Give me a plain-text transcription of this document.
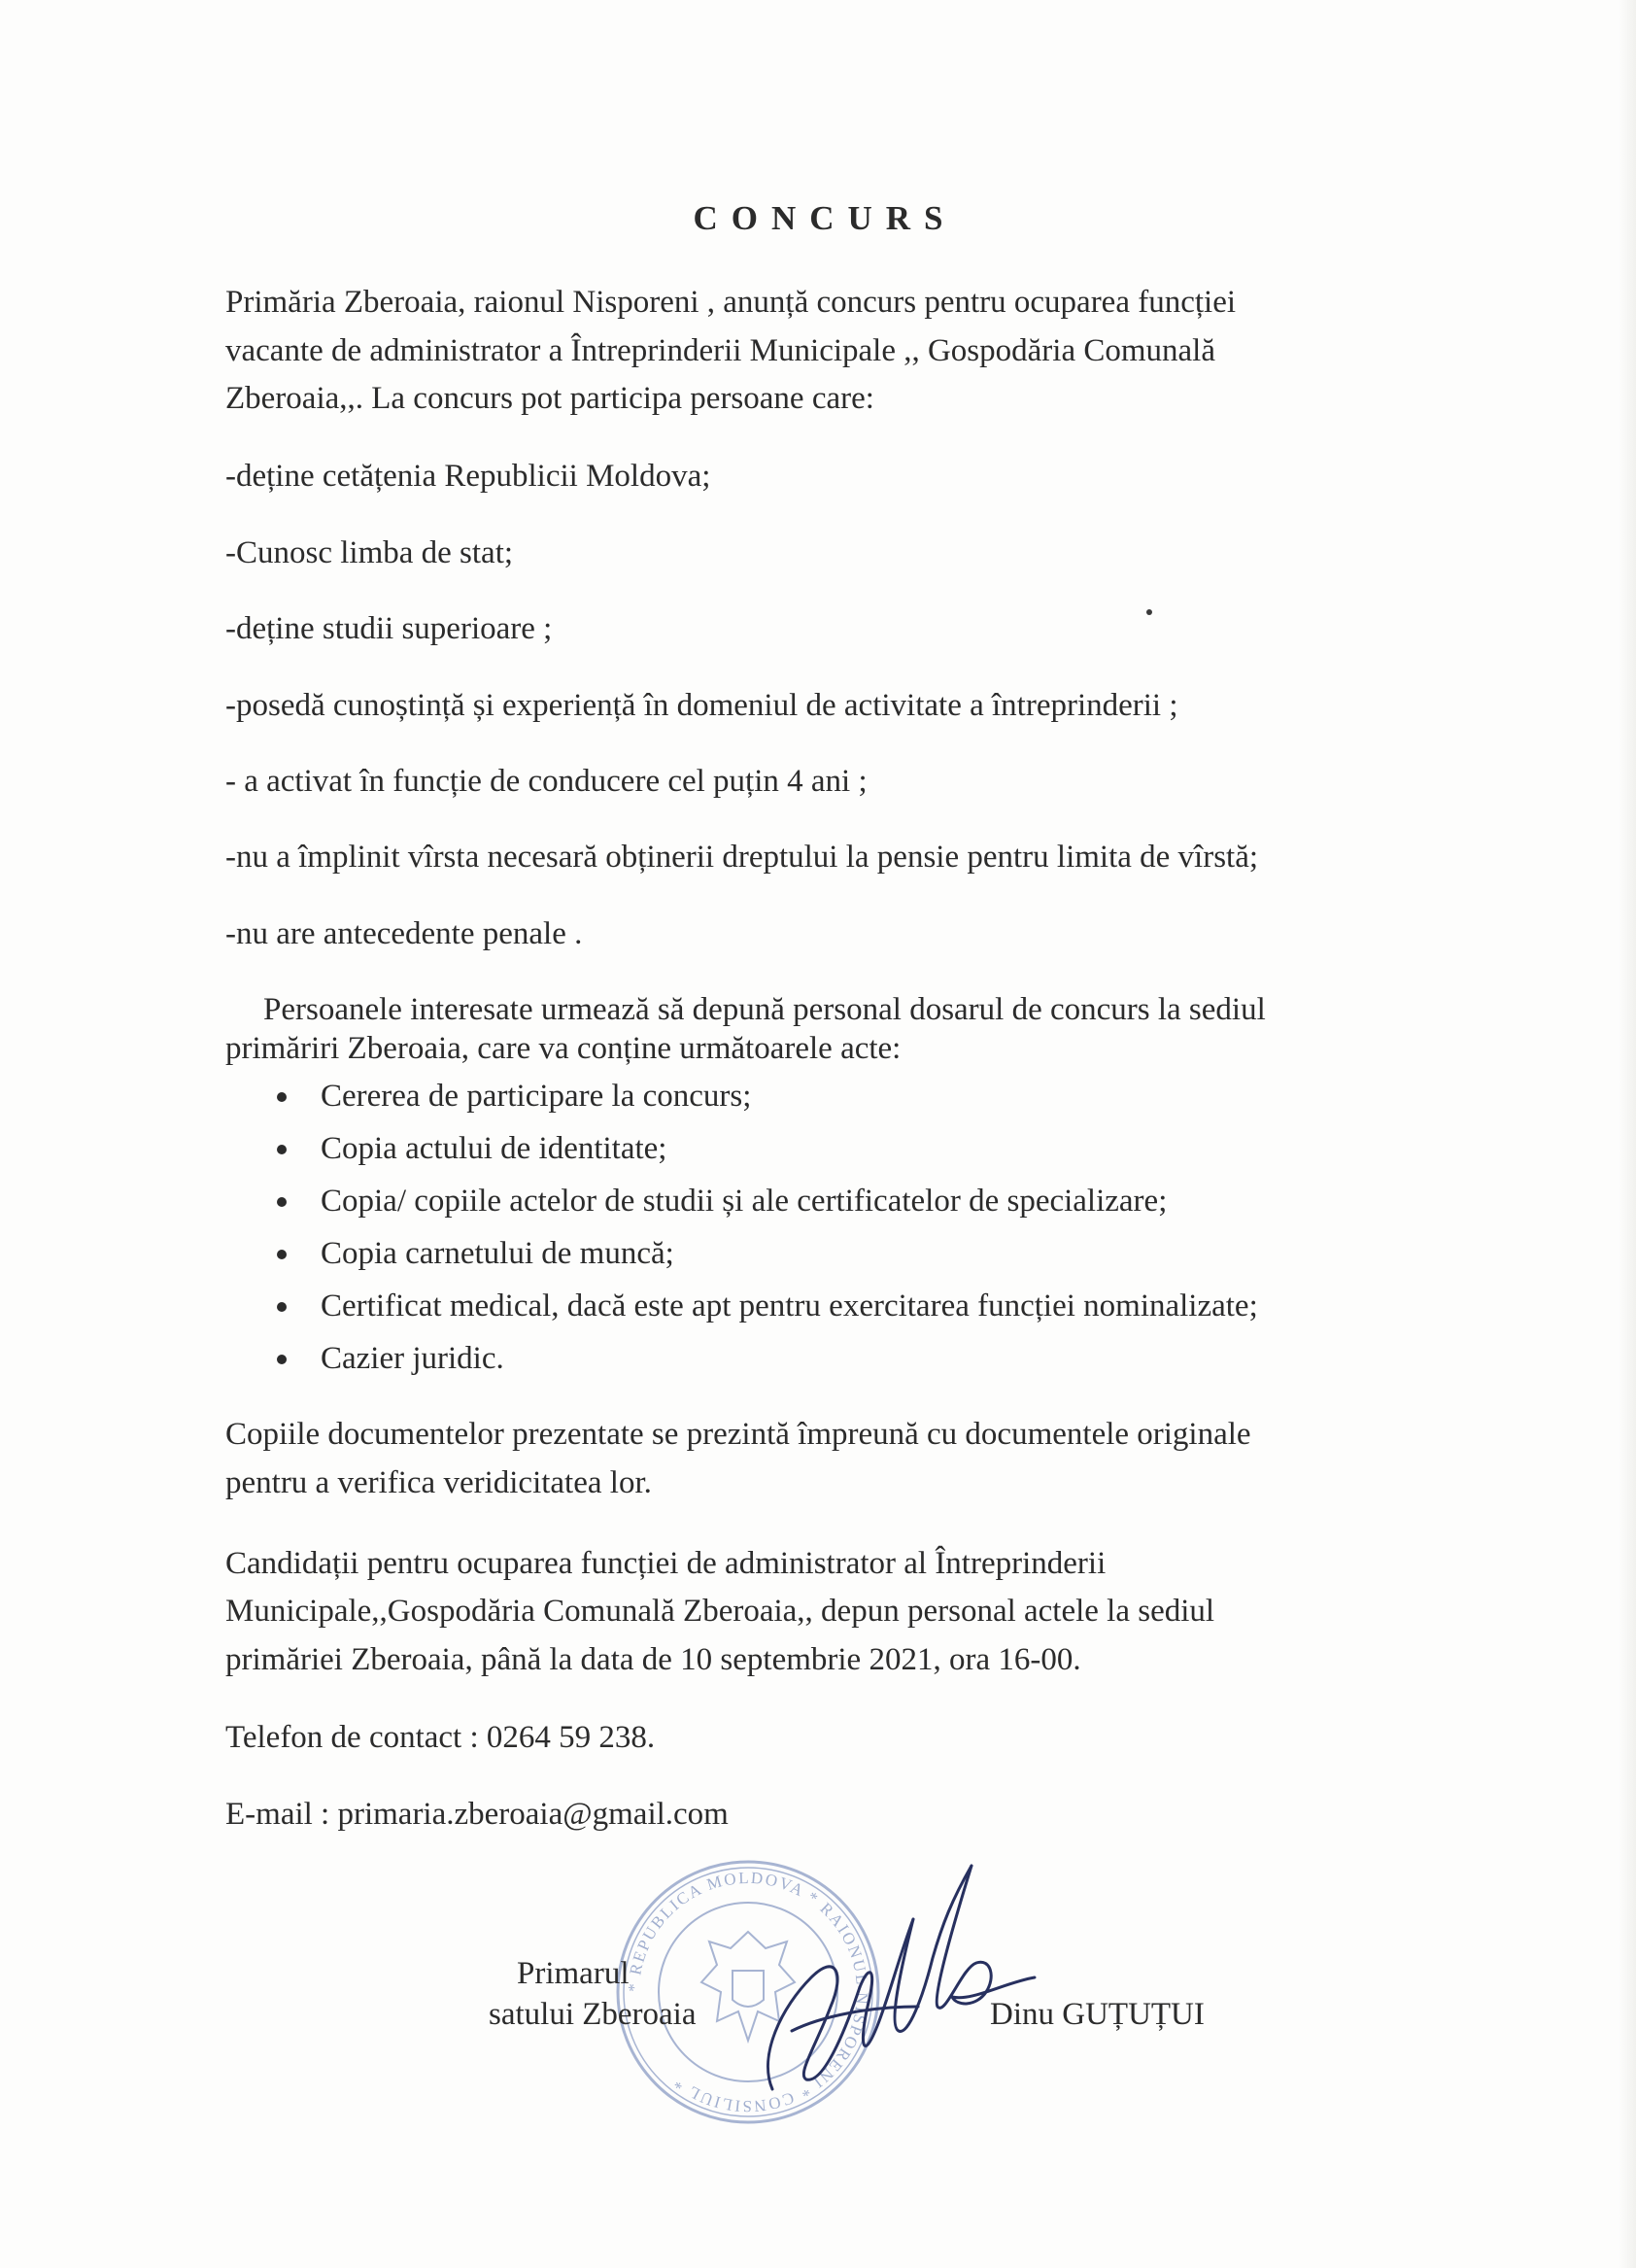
CONCURS
Primăria Zberoaia, raionul Nisporeni , anunță concurs pentru ocuparea funcției
vacante de administrator a Întreprinderii Municipale ,, Gospodăria Comunală
Zberoaia,,. La concurs pot participa persoane care:
-deține cetățenia Republicii Moldova;
-Cunosc limba de stat;
-deține studii superioare ;
-posedă cunoștință și experiență în domeniul de activitate a întreprinderii ;
- a activat în funcție de conducere cel puțin 4 ani ;
-nu a împlinit vîrsta necesară obținerii dreptului la pensie pentru limita de vîrstă;
-nu are antecedente penale .
Persoanele interesate urmează să depună personal dosarul de concurs la sediul
primăriri Zberoaia, care va conține următoarele acte:
Cererea de participare la concurs;
Copia actului de identitate;
Copia/ copiile actelor de studii și ale certificatelor de specializare;
Copia carnetului de muncă;
Certificat medical, dacă este apt pentru exercitarea funcției nominalizate;
Cazier juridic.
Copiile documentelor prezentate se prezintă împreună cu documentele originale
pentru a verifica veridicitatea lor.
Candidații pentru ocuparea funcției de administrator al Întreprinderii
Municipale,,Gospodăria Comunală Zberoaia,, depun personal actele la sediul
primăriei Zberoaia, până la data de 10 septembrie 2021, ora 16-00.
Telefon de contact : 0264 59 238.
E-mail : primaria.zberoaia@gmail.com
* REPUBLICA MOLDOVA * RAIONUL NISPORENI * CONSILIUL *
Primarul
satului Zberoaia	Dinu GUȚUȚUI
